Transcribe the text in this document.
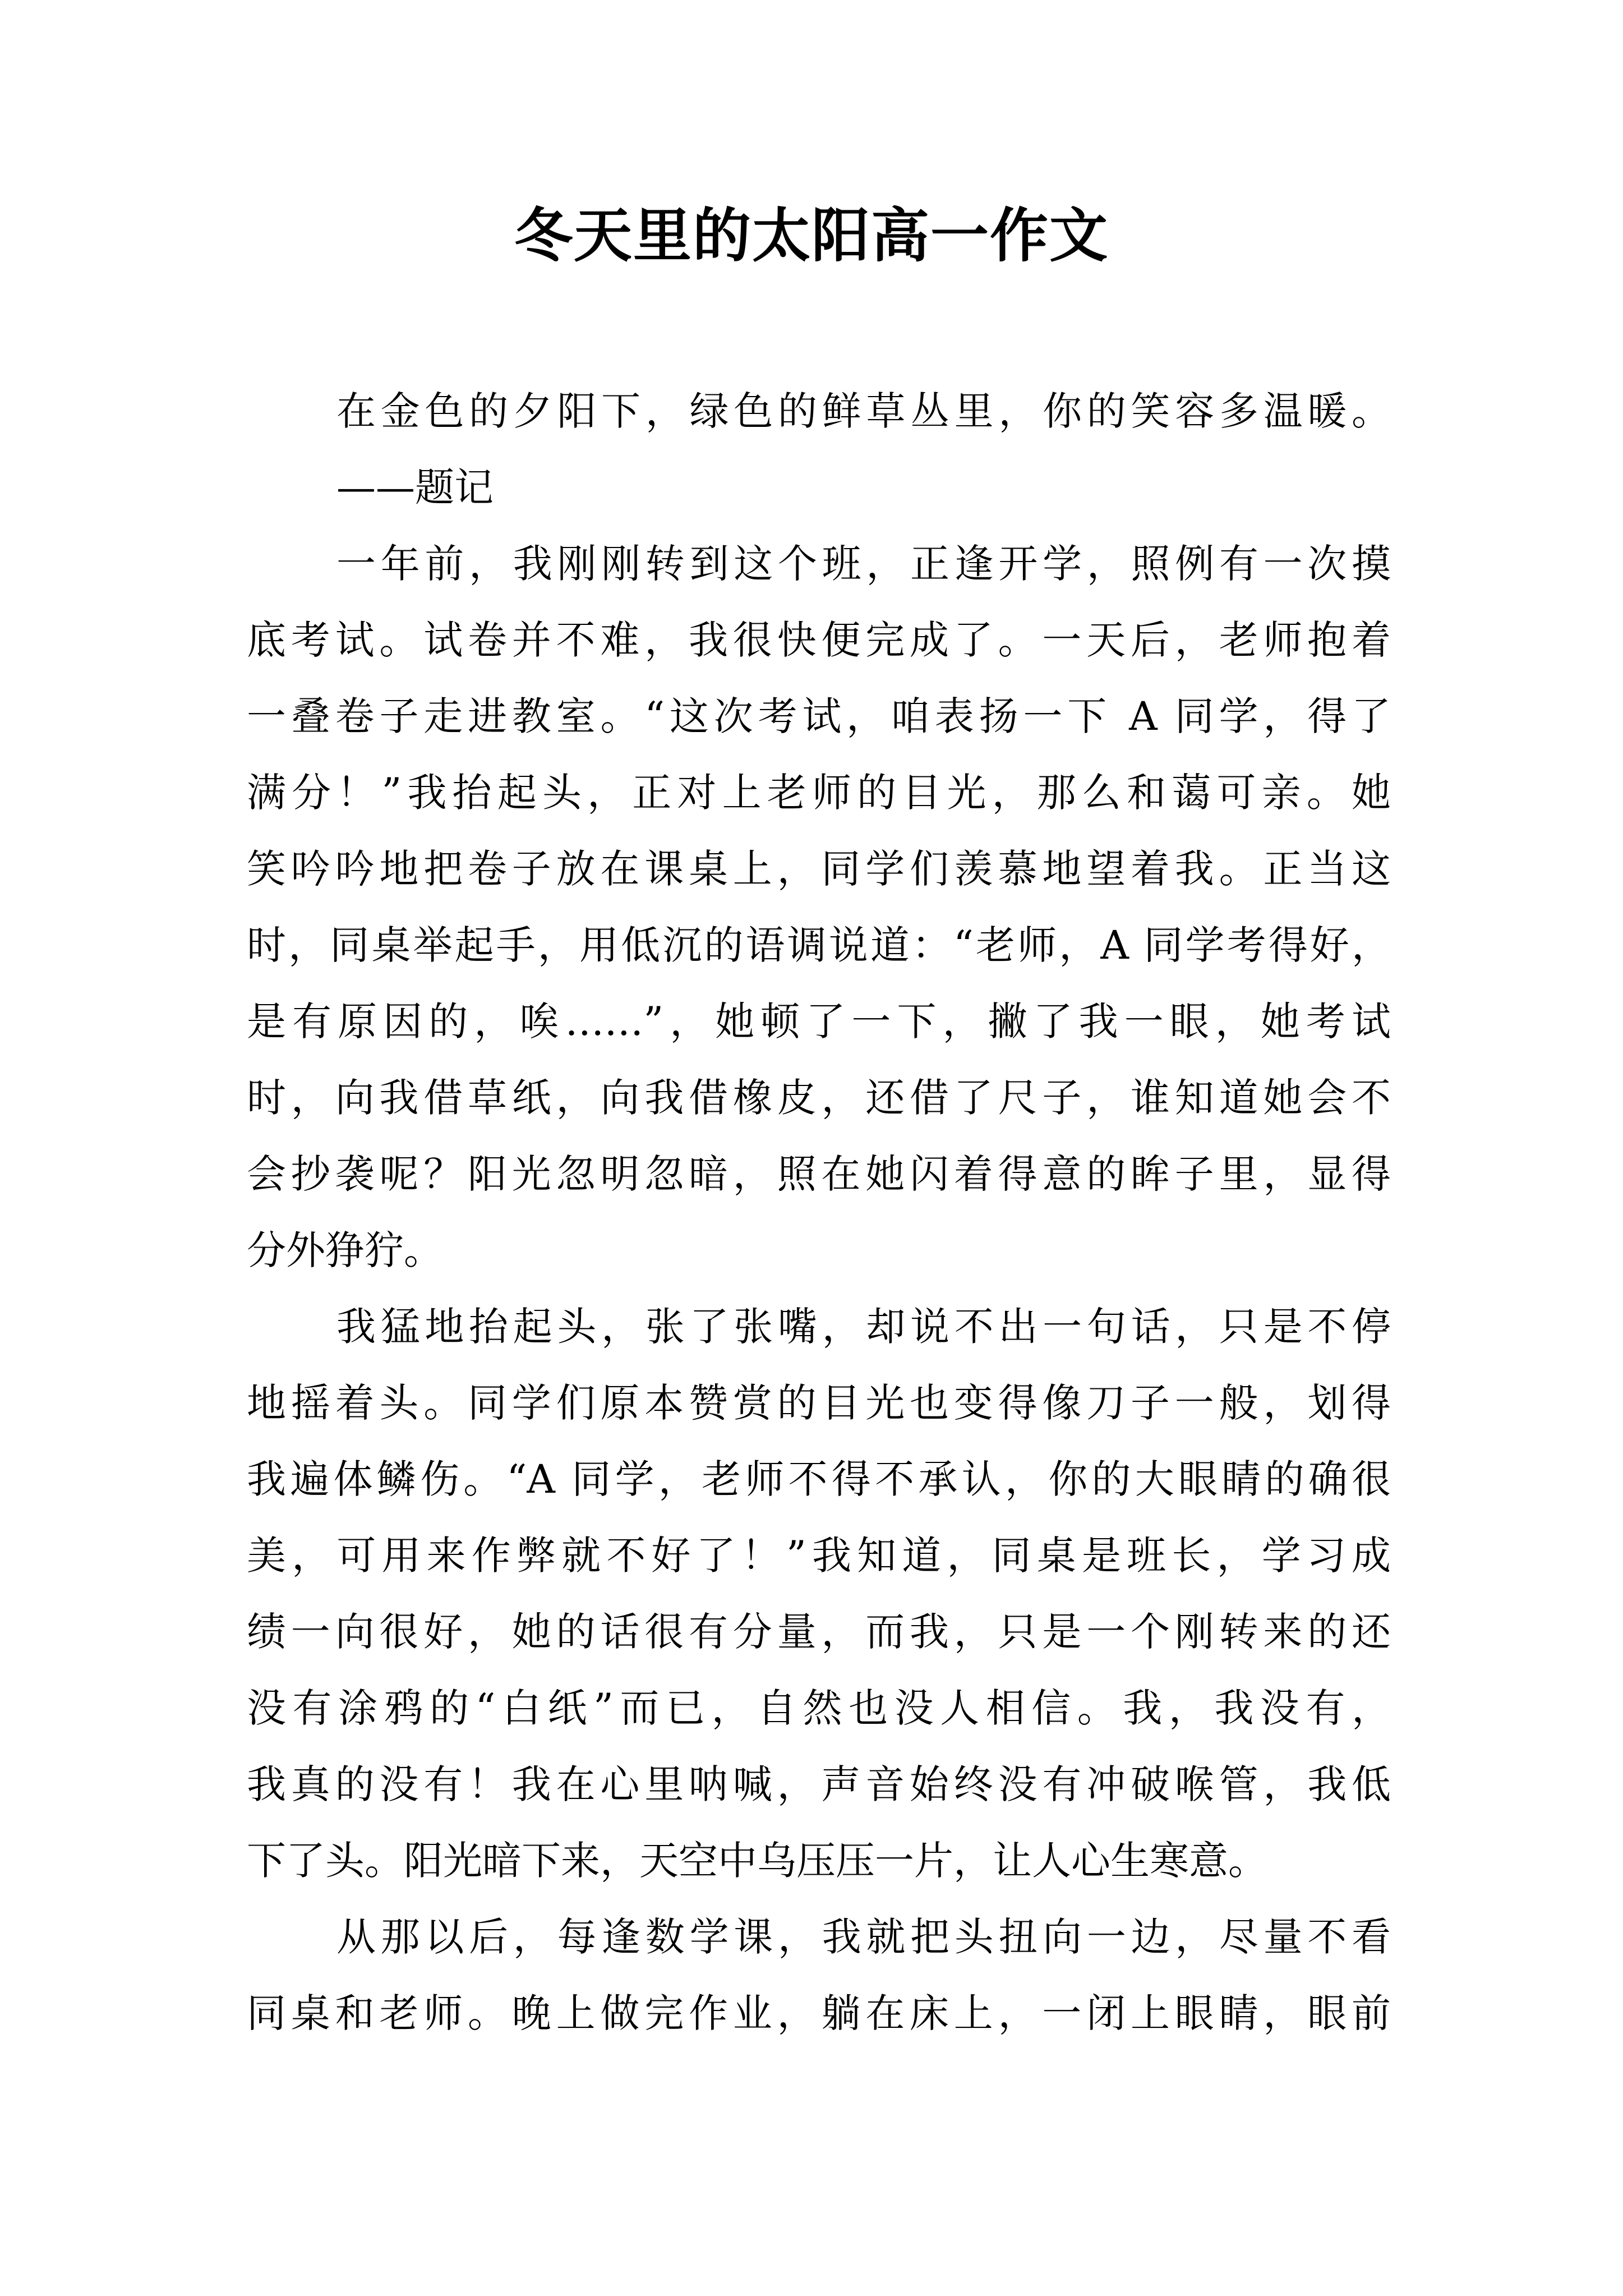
冬天里的太阳高一作文
在金色的夕阳下，绿色的鲜草丛里，你的笑容多温暖。
——题记
一年前，我刚刚转到这个班，正逢开学，照例有一次摸
底考试。试卷并不难，我很快便完成了。一天后，老师抱着
一叠卷子走进教室。“这次考试，咱表扬一下 A 同学，得了
满分！”我抬起头，正对上老师的目光，那么和蔼可亲。她
笑吟吟地把卷子放在课桌上，同学们羡慕地望着我。正当这
时，同桌举起手，用低沉的语调说道：“老师，A 同学考得好，
是有原因的，唉……”，她顿了一下，撇了我一眼，她考试
时，向我借草纸，向我借橡皮，还借了尺子，谁知道她会不
会抄袭呢？阳光忽明忽暗，照在她闪着得意的眸子里，显得
分外狰狞。
我猛地抬起头，张了张嘴，却说不出一句话，只是不停
地摇着头。同学们原本赞赏的目光也变得像刀子一般，划得
我遍体鳞伤。“A 同学，老师不得不承认，你的大眼睛的确很
美，可用来作弊就不好了！”我知道，同桌是班长，学习成
绩一向很好，她的话很有分量，而我，只是一个刚转来的还
没有涂鸦的“白纸”而已，自然也没人相信。我，我没有，
我真的没有！我在心里呐喊，声音始终没有冲破喉管，我低
下了头。阳光暗下来，天空中乌压压一片，让人心生寒意。
从那以后，每逢数学课，我就把头扭向一边，尽量不看
同桌和老师。晚上做完作业，躺在床上，一闭上眼睛，眼前
